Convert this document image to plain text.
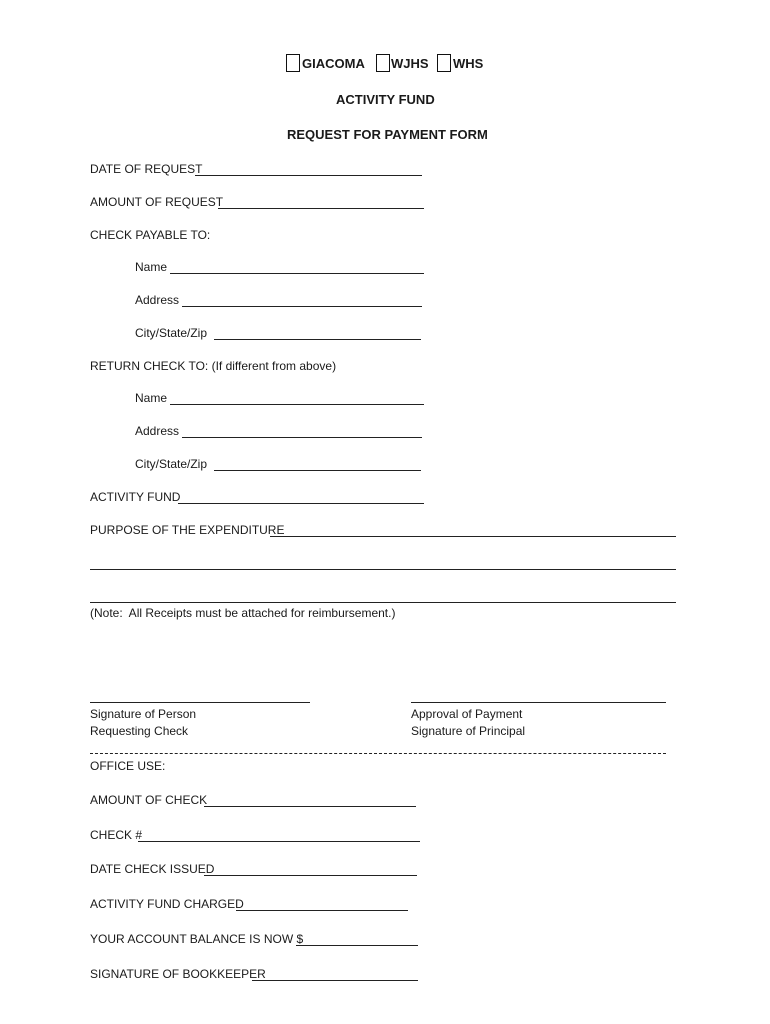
GIACOMA WJHS WHS
ACTIVITY FUND
REQUEST FOR PAYMENT FORM
DATE OF REQUEST
AMOUNT OF REQUEST
CHECK PAYABLE TO:
Name
Address
City/State/Zip
RETURN CHECK TO: (If different from above)
Name
Address
City/State/Zip
ACTIVITY FUND
PURPOSE OF THE EXPENDITURE
(Note:  All Receipts must be attached for reimbursement.)
Signature of Person
Requesting Check
Approval of Payment
Signature of Principal
OFFICE USE:
AMOUNT OF CHECK
CHECK #
DATE CHECK ISSUED
ACTIVITY FUND CHARGED
YOUR ACCOUNT BALANCE IS NOW $
SIGNATURE OF BOOKKEEPER
